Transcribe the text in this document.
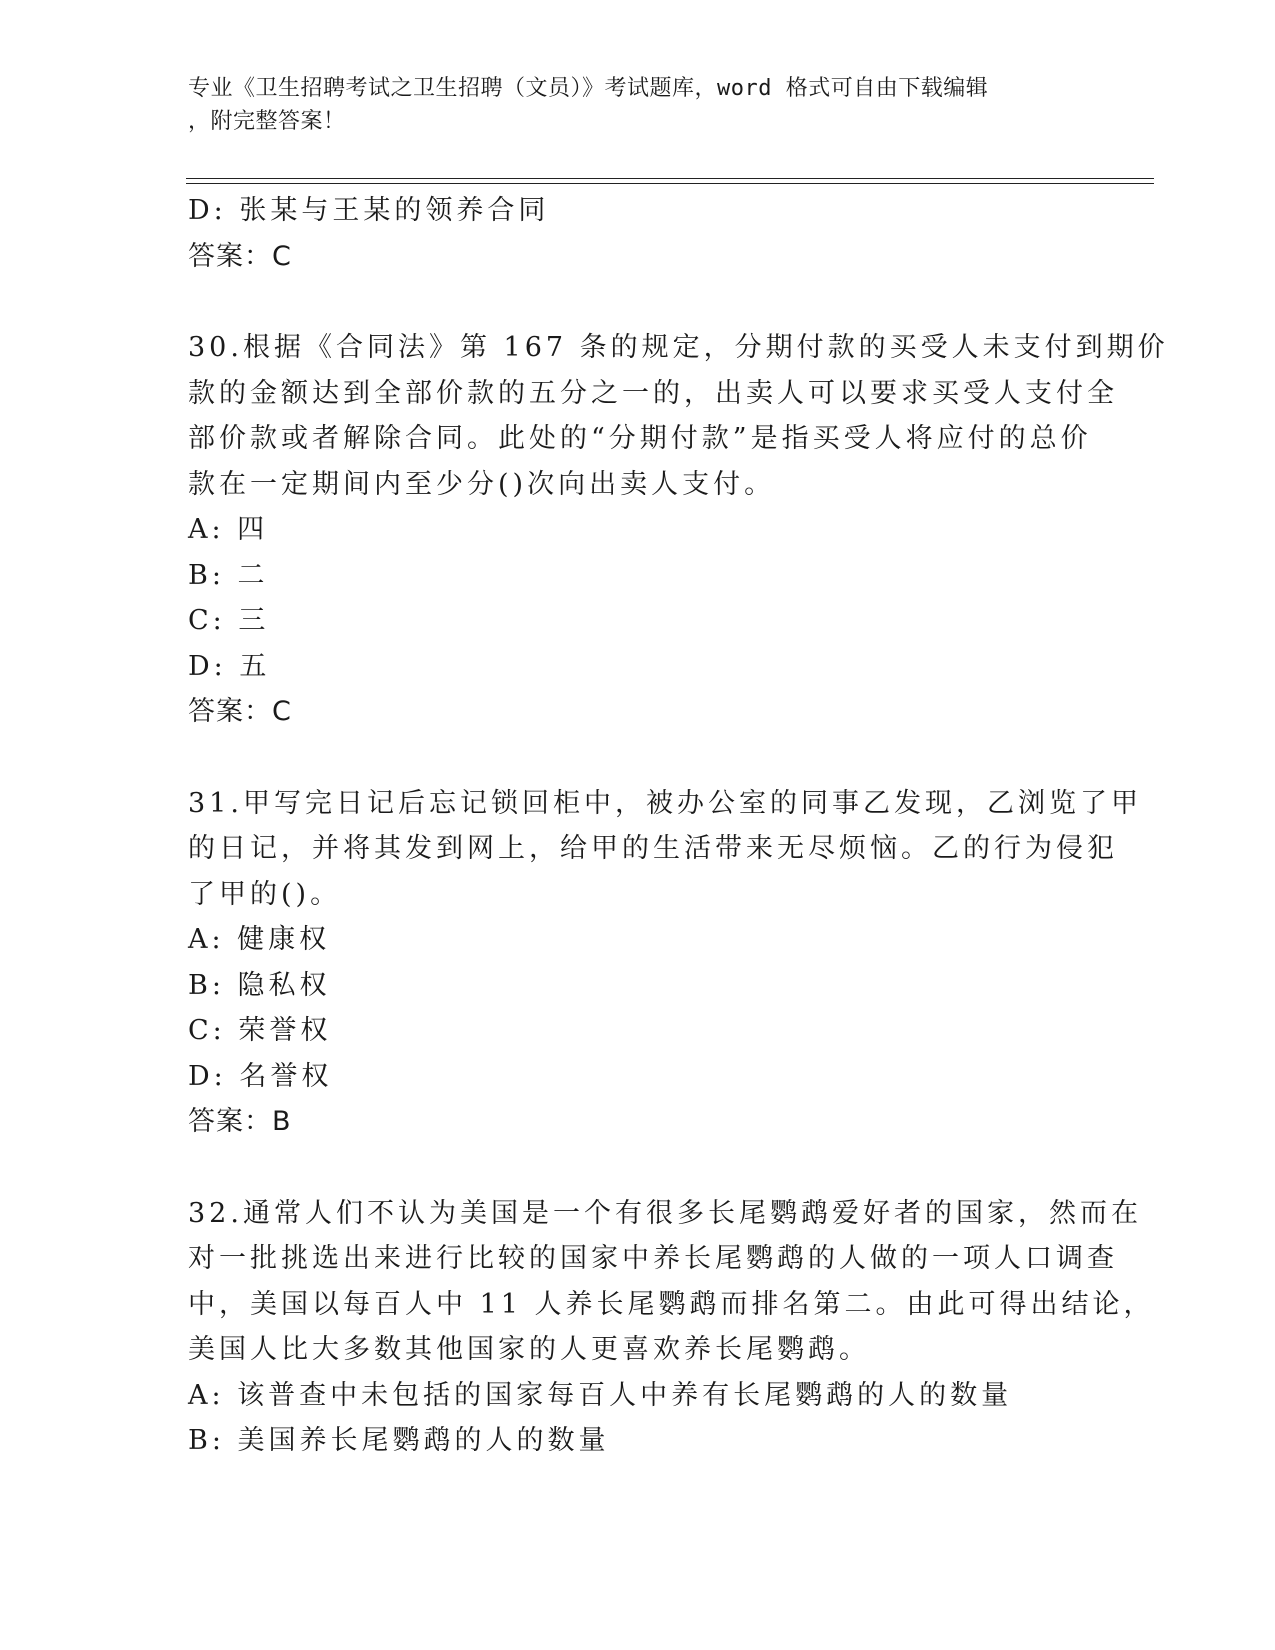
专业《卫生招聘考试之卫生招聘（文员）》考试题库，word 格式可自由下载编辑
，附完整答案！
D: 张某与王某的领养合同
答案：C
30.根据《合同法》第 167 条的规定，分期付款的买受人未支付到期价
款的金额达到全部价款的五分之一的，出卖人可以要求买受人支付全
部价款或者解除合同。此处的“分期付款”是指买受人将应付的总价
款在一定期间内至少分()次向出卖人支付。
A: 四
B: 二
C: 三
D: 五
答案：C
31.甲写完日记后忘记锁回柜中，被办公室的同事乙发现，乙浏览了甲
的日记，并将其发到网上，给甲的生活带来无尽烦恼。乙的行为侵犯
了甲的()。
A: 健康权
B: 隐私权
C: 荣誉权
D: 名誉权
答案：B
32.通常人们不认为美国是一个有很多长尾鹦鹉爱好者的国家，然而在
对一批挑选出来进行比较的国家中养长尾鹦鹉的人做的一项人口调查
中，美国以每百人中 11 人养长尾鹦鹉而排名第二。由此可得出结论，
美国人比大多数其他国家的人更喜欢养长尾鹦鹉。
A: 该普查中未包括的国家每百人中养有长尾鹦鹉的人的数量
B: 美国养长尾鹦鹉的人的数量
